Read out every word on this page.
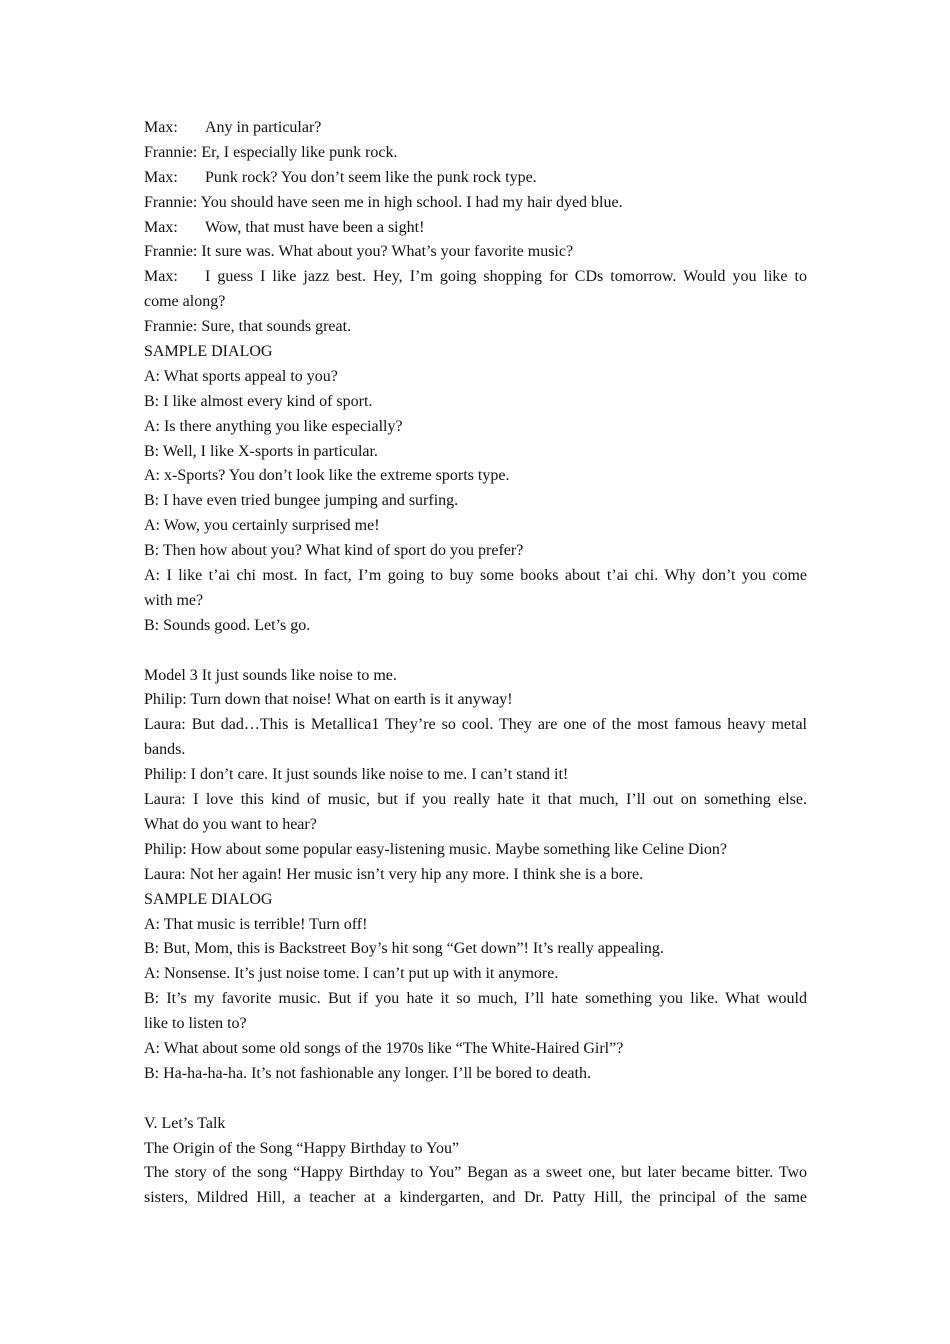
Max: Any in particular?
Frannie: Er, I especially like punk rock.
Max: Punk rock? You don’t seem like the punk rock type.
Frannie: You should have seen me in high school. I had my hair dyed blue.
Max: Wow, that must have been a sight!
Frannie: It sure was. What about you? What’s your favorite music?
Max: I guess I like jazz best. Hey, I’m going shopping for CDs tomorrow. Would you like to
come along?
Frannie: Sure, that sounds great.
SAMPLE DIALOG
A: What sports appeal to you?
B: I like almost every kind of sport.
A: Is there anything you like especially?
B: Well, I like X-sports in particular.
A: x-Sports? You don’t look like the extreme sports type.
B: I have even tried bungee jumping and surfing.
A: Wow, you certainly surprised me!
B: Then how about you? What kind of sport do you prefer?
A: I like t’ai chi most. In fact, I’m going to buy some books about t’ai chi. Why don’t you come
with me?
B: Sounds good. Let’s go.
Model 3 It just sounds like noise to me.
Philip: Turn down that noise! What on earth is it anyway!
Laura: But dad…This is Metallica1 They’re so cool. They are one of the most famous heavy metal
bands.
Philip: I don’t care. It just sounds like noise to me. I can’t stand it!
Laura: I love this kind of music, but if you really hate it that much, I’ll out on something else.
What do you want to hear?
Philip: How about some popular easy-listening music. Maybe something like Celine Dion?
Laura: Not her again! Her music isn’t very hip any more. I think she is a bore.
SAMPLE DIALOG
A: That music is terrible! Turn off!
B: But, Mom, this is Backstreet Boy’s hit song “Get down”! It’s really appealing.
A: Nonsense. It’s just noise tome. I can’t put up with it anymore.
B: It’s my favorite music. But if you hate it so much, I’ll hate something you like. What would
like to listen to?
A: What about some old songs of the 1970s like “The White-Haired Girl”?
B: Ha-ha-ha-ha. It’s not fashionable any longer. I’ll be bored to death.
V. Let’s Talk
The Origin of the Song “Happy Birthday to You”
The story of the song “Happy Birthday to You” Began as a sweet one, but later became bitter. Two
sisters, Mildred Hill, a teacher at a kindergarten, and Dr. Patty Hill, the principal of the same
